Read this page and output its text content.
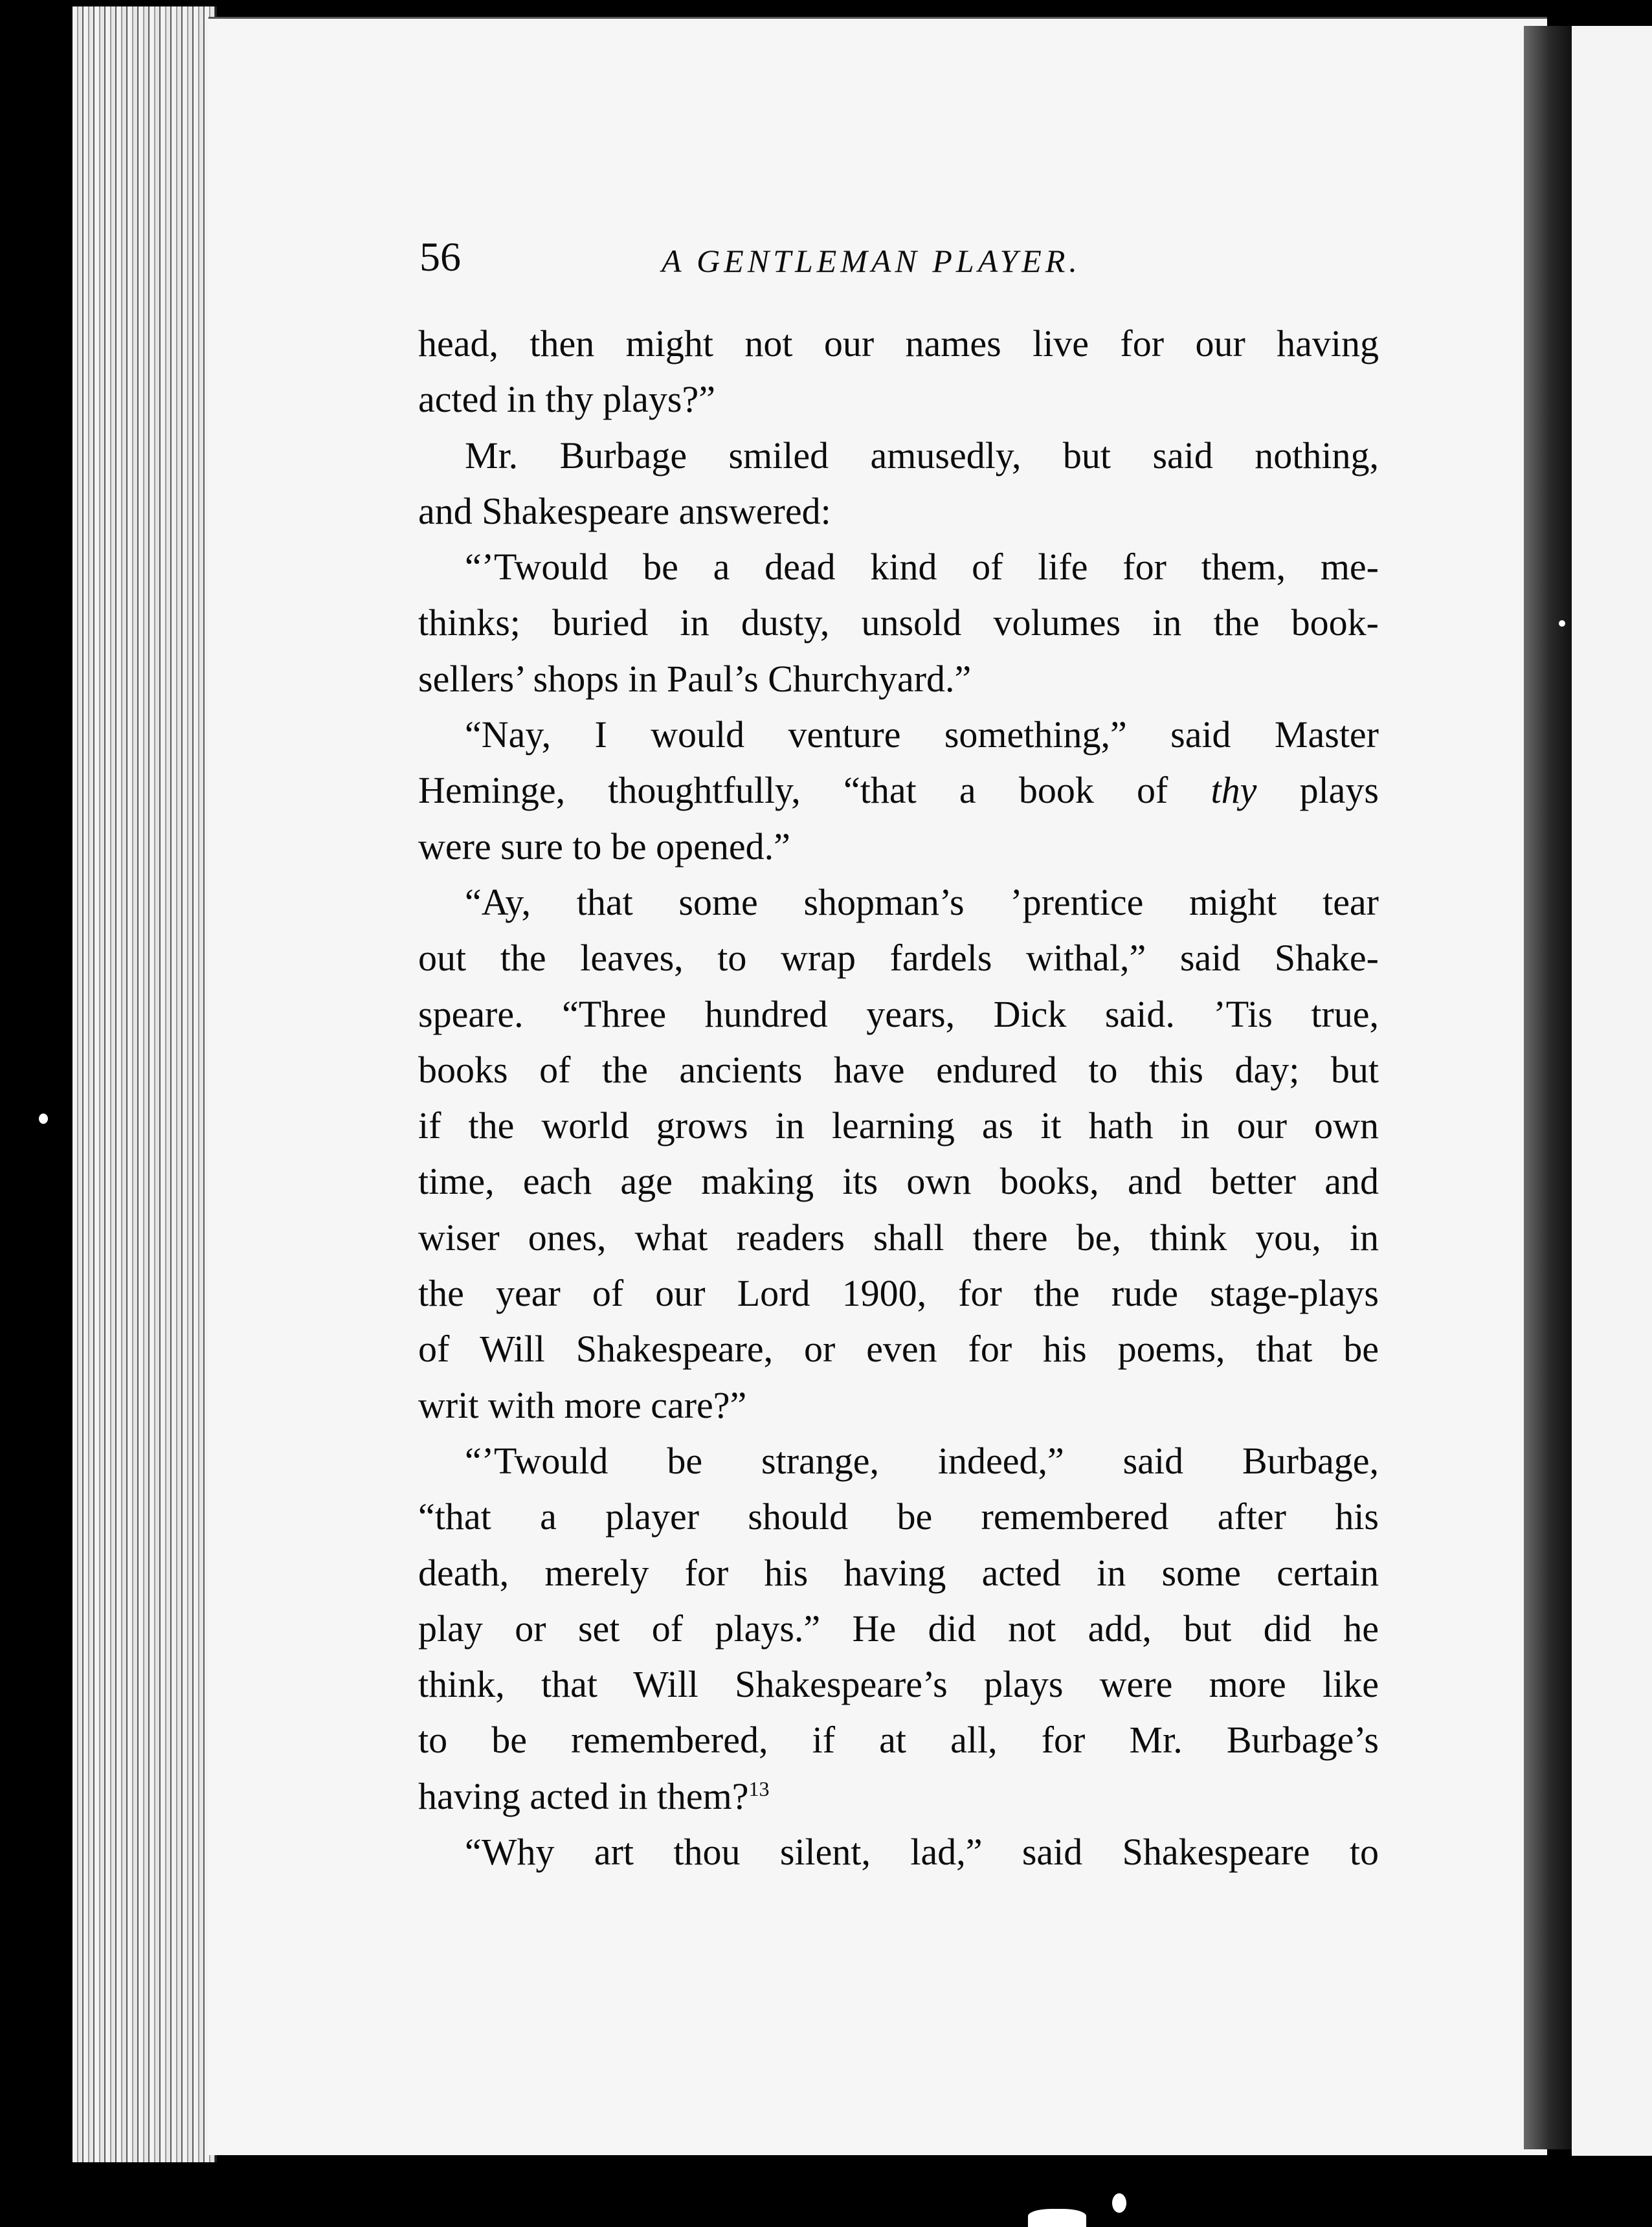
56	A GENTLEMAN PLAYER.
head, then might not our names live for our having
acted in thy plays?”
Mr. Burbage smiled amusedly, but said nothing,
and Shakespeare answered:
“’Twould be a dead kind of life for them, me-
thinks; buried in dusty, unsold volumes in the book-
sellers’ shops in Paul’s Churchyard.”
“Nay, I would venture something,” said Master
Heminge, thoughtfully, “that a book of thy plays
were sure to be opened.”
“Ay, that some shopman’s ’prentice might tear
out the leaves, to wrap fardels withal,” said Shake-
speare. “Three hundred years, Dick said. ’Tis true,
books of the ancients have endured to this day; but
if the world grows in learning as it hath in our own
time, each age making its own books, and better and
wiser ones, what readers shall there be, think you, in
the year of our Lord 1900, for the rude stage-plays
of Will Shakespeare, or even for his poems, that be
writ with more care?”
“’Twould be strange, indeed,” said Burbage,
“that a player should be remembered after his
death, merely for his having acted in some certain
play or set of plays.” He did not add, but did he
think, that Will Shakespeare’s plays were more like
to be remembered, if at all, for Mr. Burbage’s
having acted in them?$^{13}$
“Why art thou silent, lad,” said Shakespeare to
